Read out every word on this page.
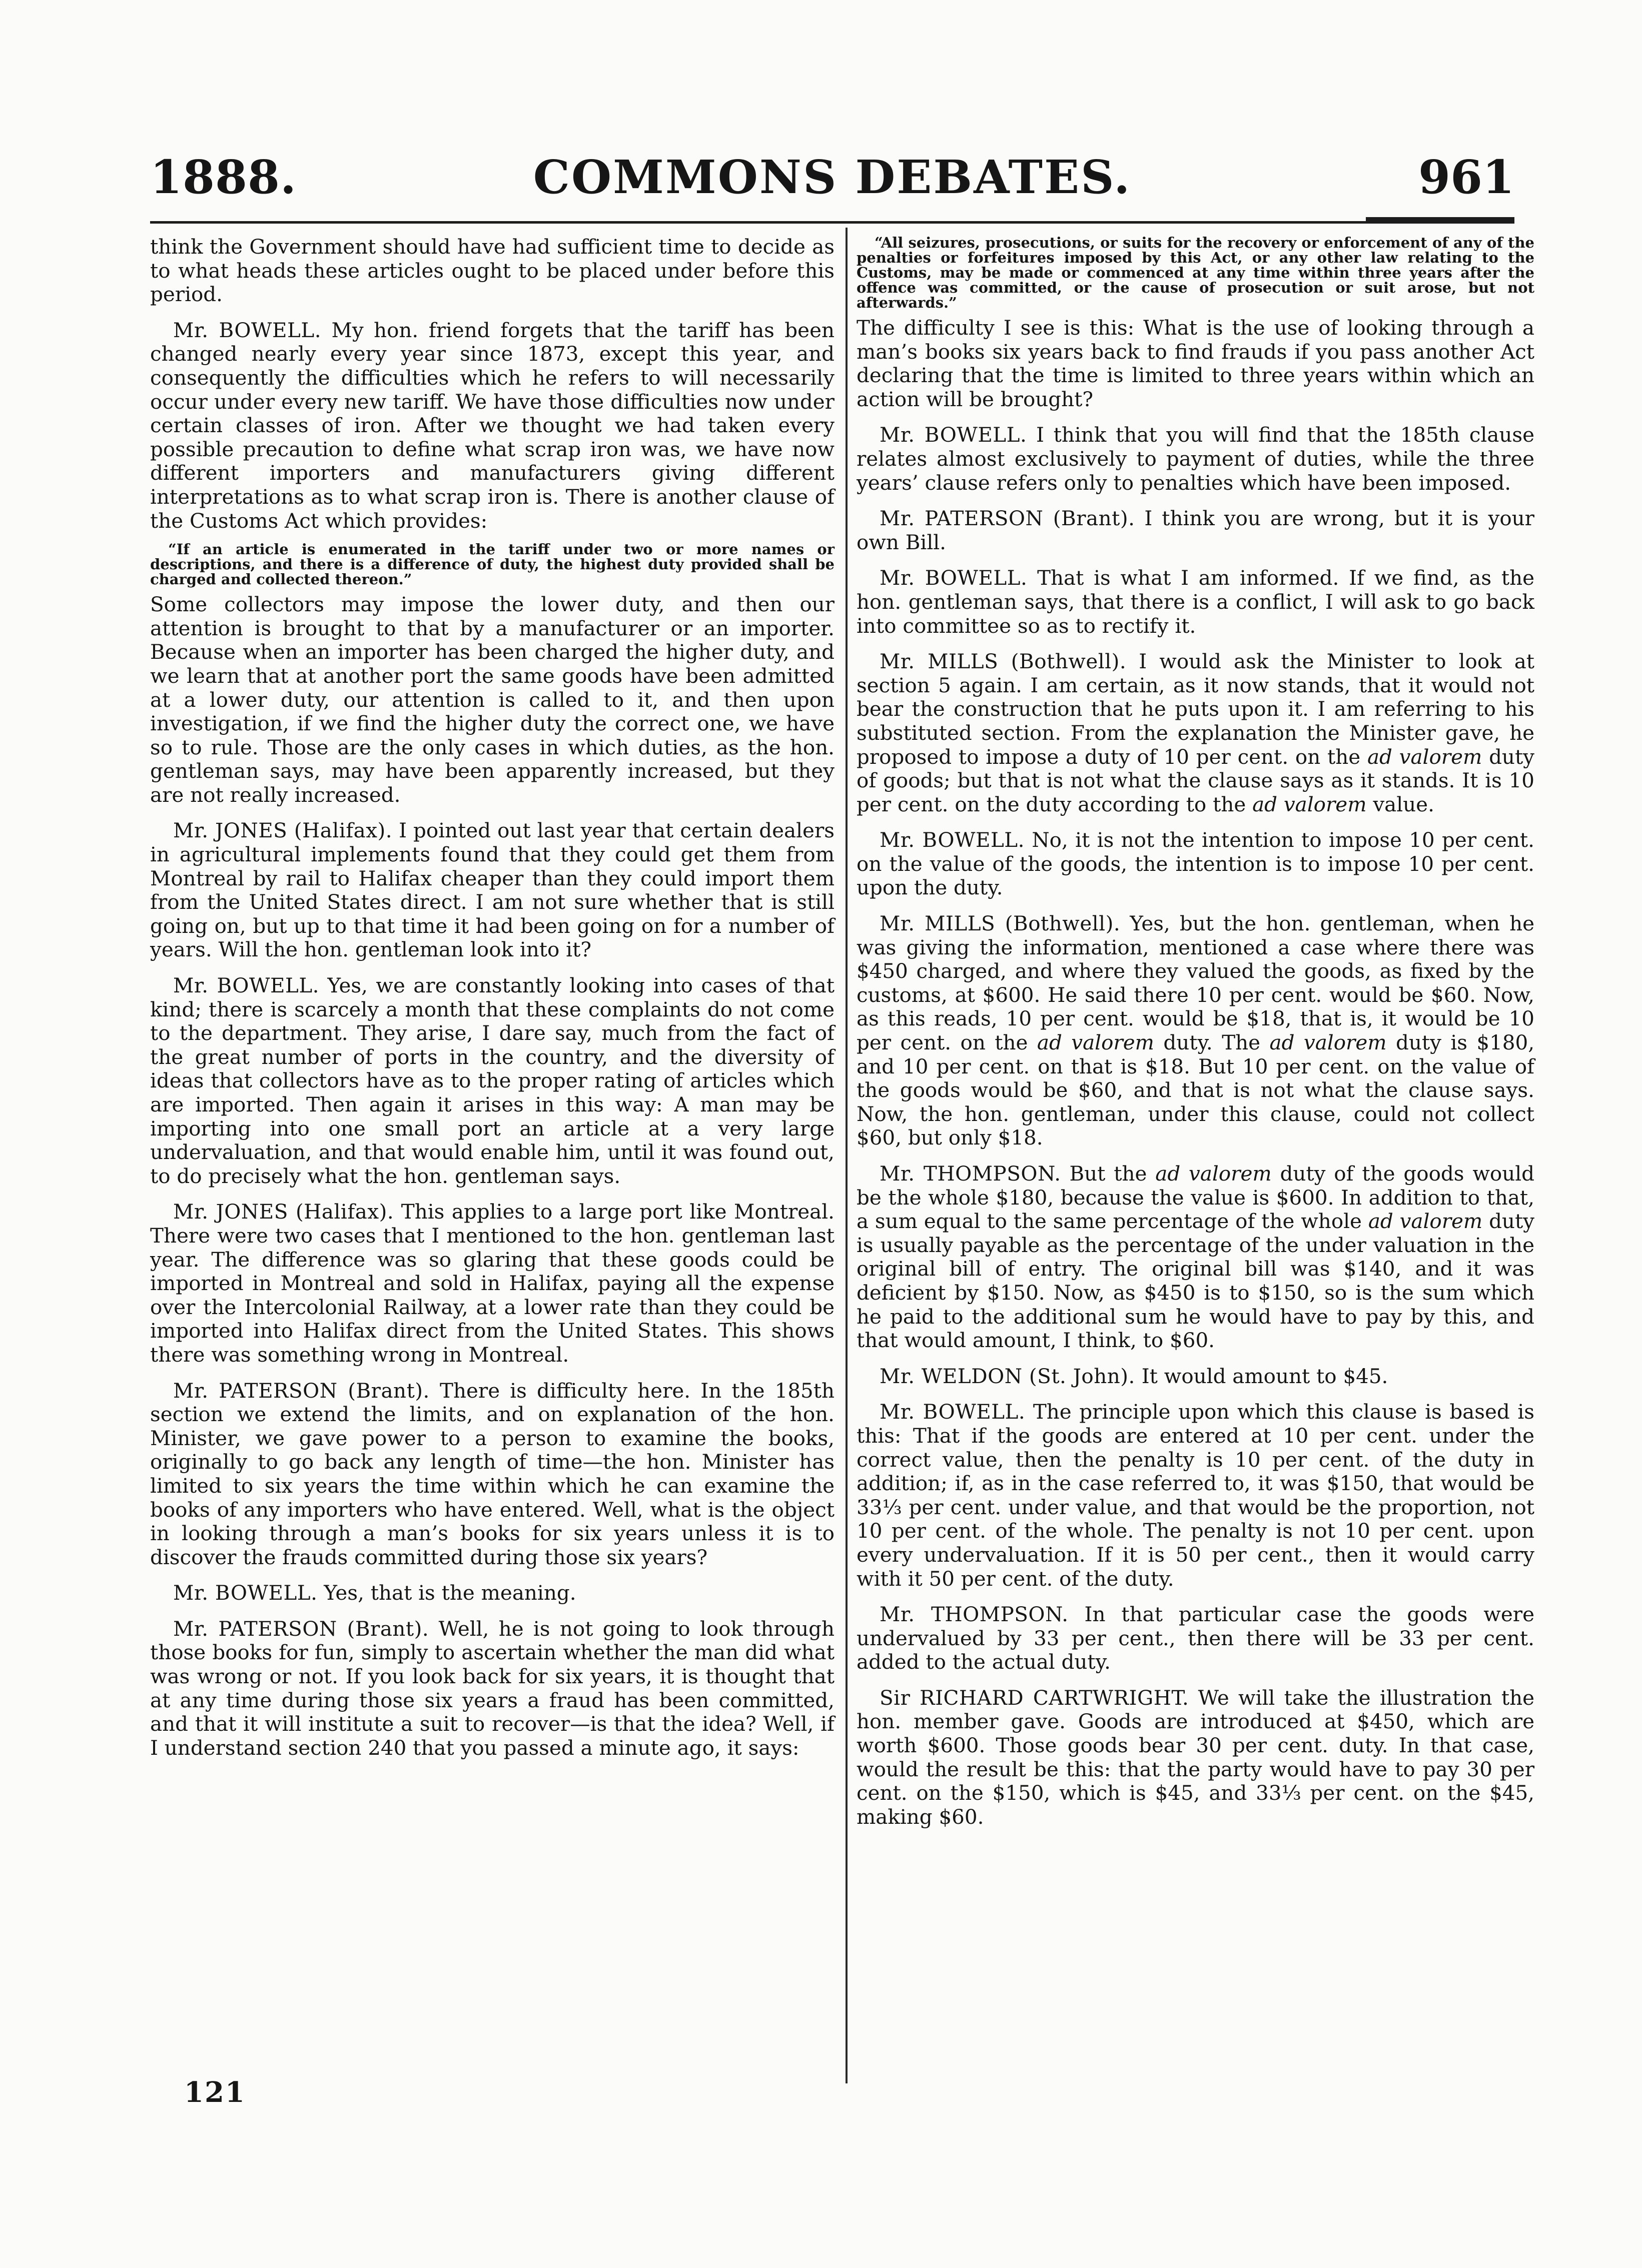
1888.	COMMONS DEBATES.	961

think the Government should have had sufficient time to decide as to what heads these articles ought to be placed under before this period.

Mr. BOWELL. My hon. friend forgets that the tariff has been changed nearly every year since 1873, except this year, and consequently the difficulties which he refers to will necessarily occur under every new tariff. We have those difficulties now under certain classes of iron. After we thought we had taken every possible precaution to define what scrap iron was, we have now different importers and manufacturers giving different interpretations as to what scrap iron is. There is another clause of the Customs Act which provides:

“If an article is enumerated in the tariff under two or more names or descriptions, and there is a difference of duty, the highest duty provided shall be charged and collected thereon.”

Some collectors may impose the lower duty, and then our attention is brought to that by a manufacturer or an importer. Because when an importer has been charged the higher duty, and we learn that at another port the same goods have been admitted at a lower duty, our attention is called to it, and then upon investigation, if we find the higher duty the correct one, we have so to rule. Those are the only cases in which duties, as the hon. gentleman says, may have been apparently increased, but they are not really increased.

Mr. JONES (Halifax). I pointed out last year that certain dealers in agricultural implements found that they could get them from Montreal by rail to Halifax cheaper than they could import them from the United States direct. I am not sure whether that is still going on, but up to that time it had been going on for a number of years. Will the hon. gentleman look into it?

Mr. BOWELL. Yes, we are constantly looking into cases of that kind; there is scarcely a month that these complaints do not come to the department. They arise, I dare say, much from the fact of the great number of ports in the country, and the diversity of ideas that collectors have as to the proper rating of articles which are imported. Then again it arises in this way: A man may be importing into one small port an article at a very large undervaluation, and that would enable him, until it was found out, to do precisely what the hon. gentleman says.

Mr. JONES (Halifax). This applies to a large port like Montreal. There were two cases that I mentioned to the hon. gentleman last year. The difference was so glaring that these goods could be imported in Montreal and sold in Halifax, paying all the expense over the Intercolonial Railway, at a lower rate than they could be imported into Halifax direct from the United States. This shows there was something wrong in Montreal.

Mr. PATERSON (Brant). There is difficulty here. In the 185th section we extend the limits, and on explanation of the hon. Minister, we gave power to a person to examine the books, originally to go back any length of time—the hon. Minister has limited to six years the time within which he can examine the books of any importers who have entered. Well, what is the object in looking through a man’s books for six years unless it is to discover the frauds committed during those six years?

Mr. BOWELL. Yes, that is the meaning.

Mr. PATERSON (Brant). Well, he is not going to look through those books for fun, simply to ascertain whether the man did what was wrong or not. If you look back for six years, it is thought that at any time during those six years a fraud has been committed, and that it will institute a suit to recover—is that the idea? Well, if I understand section 240 that you passed a minute ago, it says:

121
“All seizures, prosecutions, or suits for the recovery or enforcement of any of the penalties or forfeitures imposed by this Act, or any other law relating to the Customs, may be made or commenced at any time within three years after the offence was committed, or the cause of prosecution or suit arose, but not afterwards.”

The difficulty I see is this: What is the use of looking through a man’s books six years back to find frauds if you pass another Act declaring that the time is limited to three years within which an action will be brought?

Mr. BOWELL. I think that you will find that the 185th clause relates almost exclusively to payment of duties, while the three years’ clause refers only to penalties which have been imposed.

Mr. PATERSON (Brant). I think you are wrong, but it is your own Bill.

Mr. BOWELL. That is what I am informed. If we find, as the hon. gentleman says, that there is a conflict, I will ask to go back into committee so as to rectify it.

Mr. MILLS (Bothwell). I would ask the Minister to look at section 5 again. I am certain, as it now stands, that it would not bear the construction that he puts upon it. I am referring to his substituted section. From the explanation the Minister gave, he proposed to impose a duty of 10 per cent. on the ad valorem duty of goods; but that is not what the clause says as it stands. It is 10 per cent. on the duty according to the ad valorem value.

Mr. BOWELL. No, it is not the intention to impose 10 per cent. on the value of the goods, the intention is to impose 10 per cent. upon the duty.

Mr. MILLS (Bothwell). Yes, but the hon. gentleman, when he was giving the information, mentioned a case where there was $450 charged, and where they valued the goods, as fixed by the customs, at $600. He said there 10 per cent. would be $60. Now, as this reads, 10 per cent. would be $18, that is, it would be 10 per cent. on the ad valorem duty. The ad valorem duty is $180, and 10 per cent. on that is $18. But 10 per cent. on the value of the goods would be $60, and that is not what the clause says. Now, the hon. gentleman, under this clause, could not collect $60, but only $18.

Mr. THOMPSON. But the ad valorem duty of the goods would be the whole $180, because the value is $600. In addition to that, a sum equal to the same percentage of the whole ad valorem duty is usually payable as the percentage of the under valuation in the original bill of entry. The original bill was $140, and it was deficient by $150. Now, as $450 is to $150, so is the sum which he paid to the additional sum he would have to pay by this, and that would amount, I think, to $60.

Mr. WELDON (St. John). It would amount to $45.

Mr. BOWELL. The principle upon which this clause is based is this: That if the goods are entered at 10 per cent. under the correct value, then the penalty is 10 per cent. of the duty in addition; if, as in the case referred to, it was $150, that would be 33⅓ per cent. under value, and that would be the proportion, not 10 per cent. of the whole. The penalty is not 10 per cent. upon every undervaluation. If it is 50 per cent., then it would carry with it 50 per cent. of the duty.

Mr. THOMPSON. In that particular case the goods were undervalued by 33 per cent., then there will be 33 per cent. added to the actual duty.

Sir RICHARD CARTWRIGHT. We will take the illustration the hon. member gave. Goods are introduced at $450, which are worth $600. Those goods bear 30 per cent. duty. In that case, would the result be this: that the party would have to pay 30 per cent. on the $150, which is $45, and 33⅓ per cent. on the $45, making $60.
